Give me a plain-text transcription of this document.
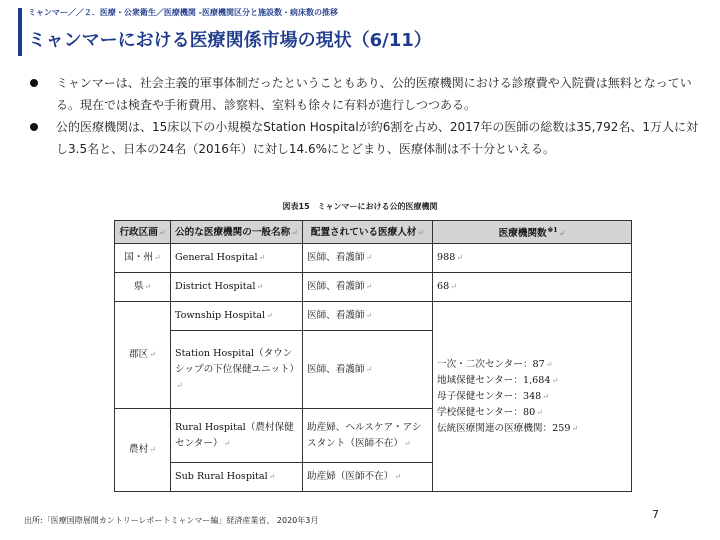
ミャンマー／／２．医療・公衆衛生／医療機関 -医療機関区分と施設数・病床数の推移
ミャンマーにおける医療関係市場の現状（6/11）
ミャンマーは、社会主義的軍事体制だったということもあり、公的医療機関における診療費や入院費は無料となっている。現在では検査や手術費用、診察料、室料も徐々に有料が進行しつつある。
公的医療機関は、15床以下の小規模なStation Hospitalが約6割を占め、2017年の医師の総数は35,792名、1万人に対し3.5名と、日本の24名（2016年）に対し14.6%にとどまり、医療体制は不十分といえる。
図表15　ミャンマーにおける公的医療機関
行政区画↵	公的な医療機関の一般名称↵	配置されている医療人材↵	医療機関数$^{※1}$↵
国・州↵	General Hospital↵	医師、看護師↵	988↵
県↵	District Hospital↵	医師、看護師↵	68↵
郡区↵	Township Hospital↵	医師、看護師↵	一次・二次センター：87↵
地域保健センター：1,684↵
母子保健センター：348↵
学校保健センター：80↵
伝統医療関連の医療機関：259↵

	Station Hospital（タウンシップの下位保健ユニット）↵	医師、看護師↵	
農村↵	Rural Hospital（農村保健センター）↵	助産婦、ヘルスケア・アシスタント（医師不在）↵	
	Sub Rural Hospital↵	助産婦（医師不在）↵	
出所:「医療国際展開カントリーレポートミャンマー編」経済産業省、 2020年3月	7
